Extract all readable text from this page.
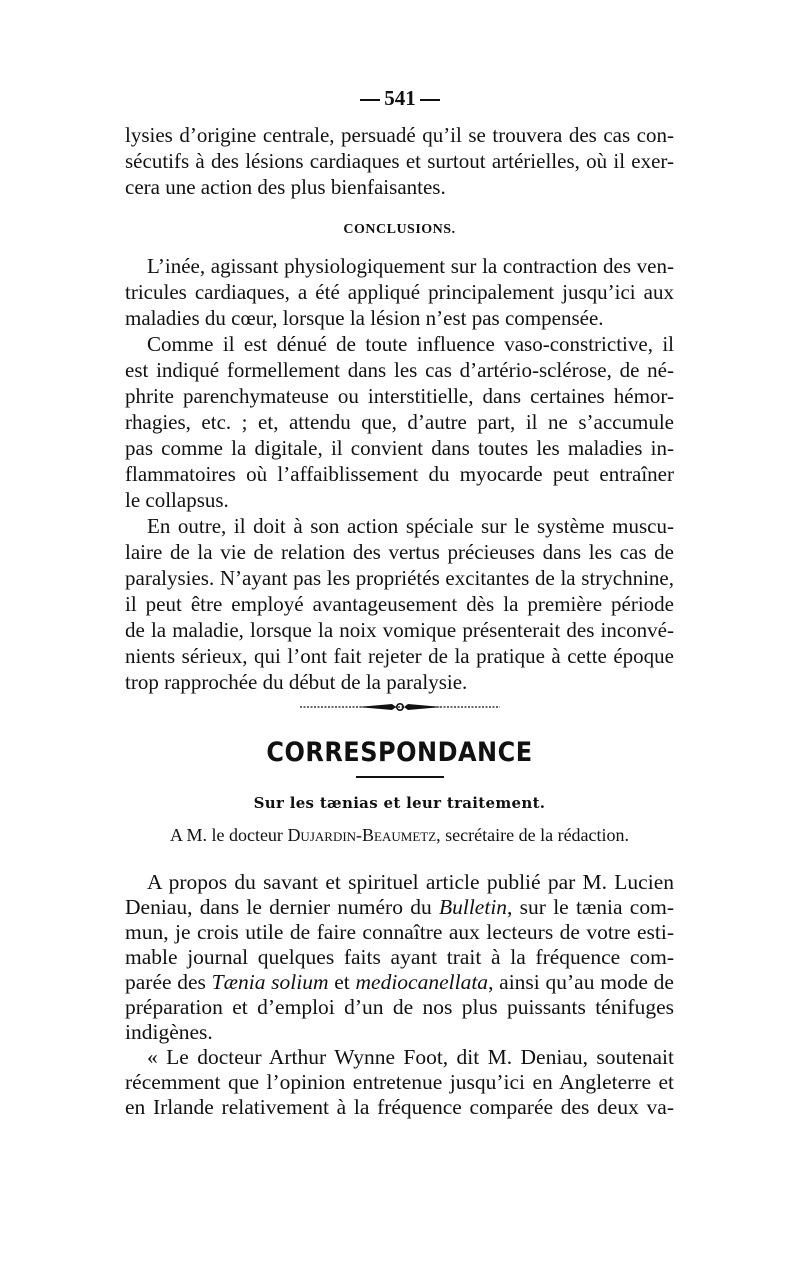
541
lysies d’origine centrale, persuadé qu’il se trouvera des cas con-
sécutifs à des lésions cardiaques et surtout artérielles, où il exer-
cera une action des plus bienfaisantes.
CONCLUSIONS.
L’inée, agissant physiologiquement sur la contraction des ven-
tricules cardiaques, a été appliqué principalement jusqu’ici aux
maladies du cœur, lorsque la lésion n’est pas compensée.
Comme il est dénué de toute influence vaso-constrictive, il
est indiqué formellement dans les cas d’artério-sclérose, de né-
phrite parenchymateuse ou interstitielle, dans certaines hémor-
rhagies, etc. ; et, attendu que, d’autre part, il ne s’accumule
pas comme la digitale, il convient dans toutes les maladies in-
flammatoires où l’affaiblissement du myocarde peut entraîner
le collapsus.
En outre, il doit à son action spéciale sur le système muscu-
laire de la vie de relation des vertus précieuses dans les cas de
paralysies. N’ayant pas les propriétés excitantes de la strychnine,
il peut être employé avantageusement dès la première période
de la maladie, lorsque la noix vomique présenterait des inconvé-
nients sérieux, qui l’ont fait rejeter de la pratique à cette époque
trop rapprochée du début de la paralysie.
CORRESPONDANCE
Sur les tænias et leur traitement.
A M. le docteur Dujardin-Beaumetz, secrétaire de la rédaction.
A propos du savant et spirituel article publié par M. Lucien
Deniau, dans le dernier numéro du Bulletin, sur le tænia com-
mun, je crois utile de faire connaître aux lecteurs de votre esti-
mable journal quelques faits ayant trait à la fréquence com-
parée des Tænia solium et mediocanellata, ainsi qu’au mode de
préparation et d’emploi d’un de nos plus puissants ténifuges
indigènes.
« Le docteur Arthur Wynne Foot, dit M. Deniau, soutenait
récemment que l’opinion entretenue jusqu’ici en Angleterre et
en Irlande relativement à la fréquence comparée des deux va-
